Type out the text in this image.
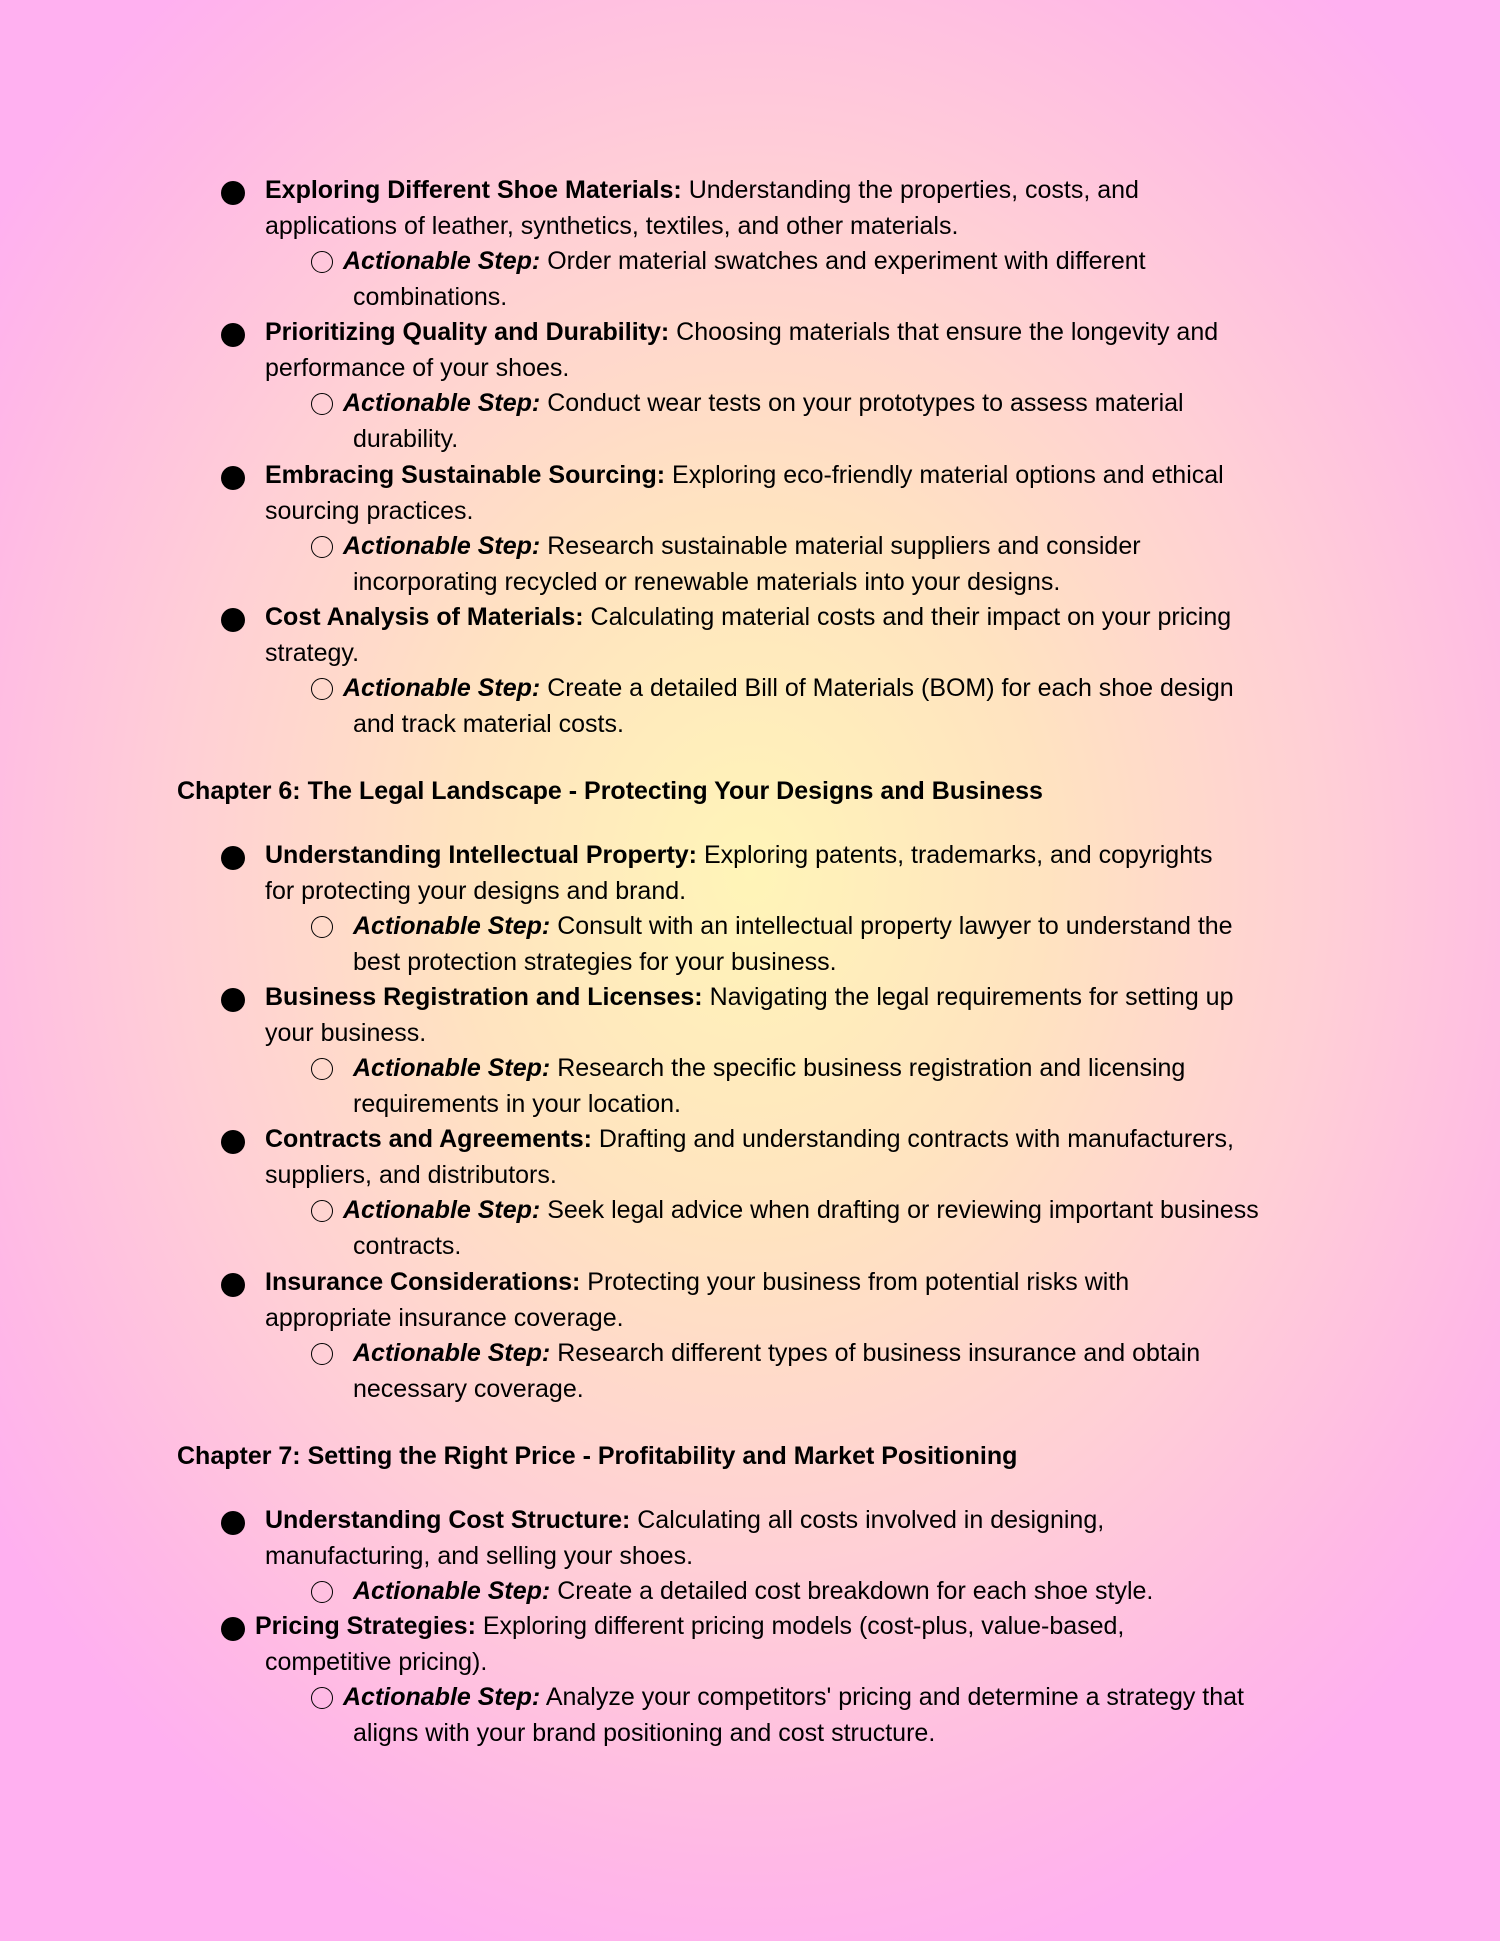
Exploring Different Shoe Materials: Understanding the properties, costs, and
applications of leather, synthetics, textiles, and other materials.
Actionable Step: Order material swatches and experiment with different
combinations.
Prioritizing Quality and Durability: Choosing materials that ensure the longevity and
performance of your shoes.
Actionable Step: Conduct wear tests on your prototypes to assess material
durability.
Embracing Sustainable Sourcing: Exploring eco-friendly material options and ethical
sourcing practices.
Actionable Step: Research sustainable material suppliers and consider
incorporating recycled or renewable materials into your designs.
Cost Analysis of Materials: Calculating material costs and their impact on your pricing
strategy.
Actionable Step: Create a detailed Bill of Materials (BOM) for each shoe design
and track material costs.
Chapter 6: The Legal Landscape - Protecting Your Designs and Business
Understanding Intellectual Property: Exploring patents, trademarks, and copyrights
for protecting your designs and brand.
Actionable Step: Consult with an intellectual property lawyer to understand the
best protection strategies for your business.
Business Registration and Licenses: Navigating the legal requirements for setting up
your business.
Actionable Step: Research the specific business registration and licensing
requirements in your location.
Contracts and Agreements: Drafting and understanding contracts with manufacturers,
suppliers, and distributors.
Actionable Step: Seek legal advice when drafting or reviewing important business
contracts.
Insurance Considerations: Protecting your business from potential risks with
appropriate insurance coverage.
Actionable Step: Research different types of business insurance and obtain
necessary coverage.
Chapter 7: Setting the Right Price - Profitability and Market Positioning
Understanding Cost Structure: Calculating all costs involved in designing,
manufacturing, and selling your shoes.
Actionable Step: Create a detailed cost breakdown for each shoe style.
Pricing Strategies: Exploring different pricing models (cost-plus, value-based,
competitive pricing).
Actionable Step: Analyze your competitors' pricing and determine a strategy that
aligns with your brand positioning and cost structure.
